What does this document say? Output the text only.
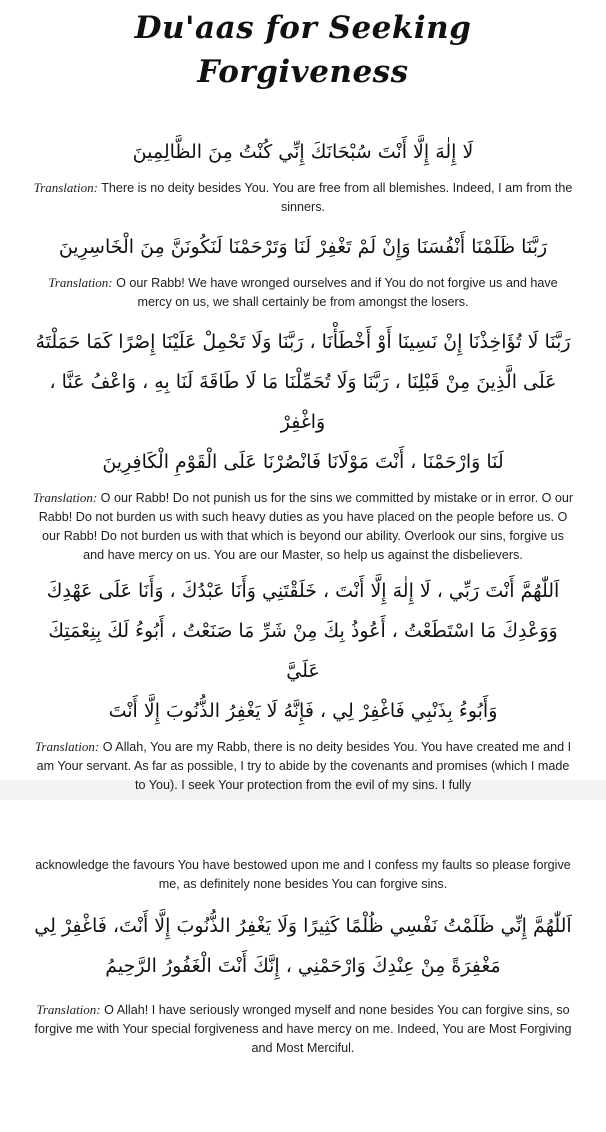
Du'aas for Seeking Forgiveness

لَا إِلٰهَ إِلَّا أَنْتَ سُبْحَانَكَ إِنِّي كُنْتُ مِنَ الظَّالِمِينَ

Translation: There is no deity besides You. You are free from all blemishes. Indeed, I am from the sinners.

رَبَّنَا ظَلَمْنَا أَنْفُسَنَا وَإِنْ لَمْ تَغْفِرْ لَنَا وَتَرْحَمْنَا لَنَكُونَنَّ مِنَ الْخَاسِرِينَ

Translation: O our Rabb! We have wronged ourselves and if You do not forgive us and have mercy on us, we shall certainly be from amongst the losers.

رَبَّنَا لَا تُؤَاخِذْنَا إِنْ نَسِينَا أَوْ أَخْطَأْنَا ، رَبَّنَا وَلَا تَحْمِلْ عَلَيْنَا إِصْرًا كَمَا حَمَلْتَهُ

عَلَى الَّذِينَ مِنْ قَبْلِنَا ، رَبَّنَا وَلَا تُحَمِّلْنَا مَا لَا طَاقَةَ لَنَا بِهِ ، وَاعْفُ عَنَّا ، وَاغْفِرْ

لَنَا وَارْحَمْنَا ، أَنْتَ مَوْلَانَا فَانْصُرْنَا عَلَى الْقَوْمِ الْكَافِرِينَ

Translation: O our Rabb! Do not punish us for the sins we committed by mistake or in error. O our Rabb! Do not burden us with such heavy duties as you have placed on the people before us. O our Rabb! Do not burden us with that which is beyond our ability. Overlook our sins, forgive us and have mercy on us. You are our Master, so help us against the disbelievers.

اَللّٰهُمَّ أَنْتَ رَبِّي ، لَا إِلٰهَ إِلَّا أَنْتَ ، خَلَقْتَنِي وَأَنَا عَبْدُكَ ، وَأَنَا عَلَى عَهْدِكَ

وَوَعْدِكَ مَا اسْتَطَعْتُ ، أَعُوذُ بِكَ مِنْ شَرِّ مَا صَنَعْتُ ، أَبُوءُ لَكَ بِنِعْمَتِكَ عَلَيَّ

وَأَبُوءُ بِذَنْبِي فَاغْفِرْ لِي ، فَإِنَّهُ لَا يَغْفِرُ الذُّنُوبَ إِلَّا أَنْتَ

Translation: O Allah, You are my Rabb, there is no deity besides You. You have created me and I am Your servant. As far as possible, I try to abide by the covenants and promises (which I made to You). I seek Your protection from the evil of my sins. I fully

acknowledge the favours You have bestowed upon me and I confess my faults so please forgive me, as definitely none besides You can forgive sins.

اَللّٰهُمَّ إِنِّي ظَلَمْتُ نَفْسِي ظُلْمًا كَثِيرًا وَلَا يَغْفِرُ الذُّنُوبَ إِلَّا أَنْتَ، فَاغْفِرْ لِي

مَغْفِرَةً مِنْ عِنْدِكَ وَارْحَمْنِي ، إِنَّكَ أَنْتَ الْغَفُورُ الرَّحِيمُ

Translation: O Allah! I have seriously wronged myself and none besides You can forgive sins, so forgive me with Your special forgiveness and have mercy on me. Indeed, You are Most Forgiving and Most Merciful.
